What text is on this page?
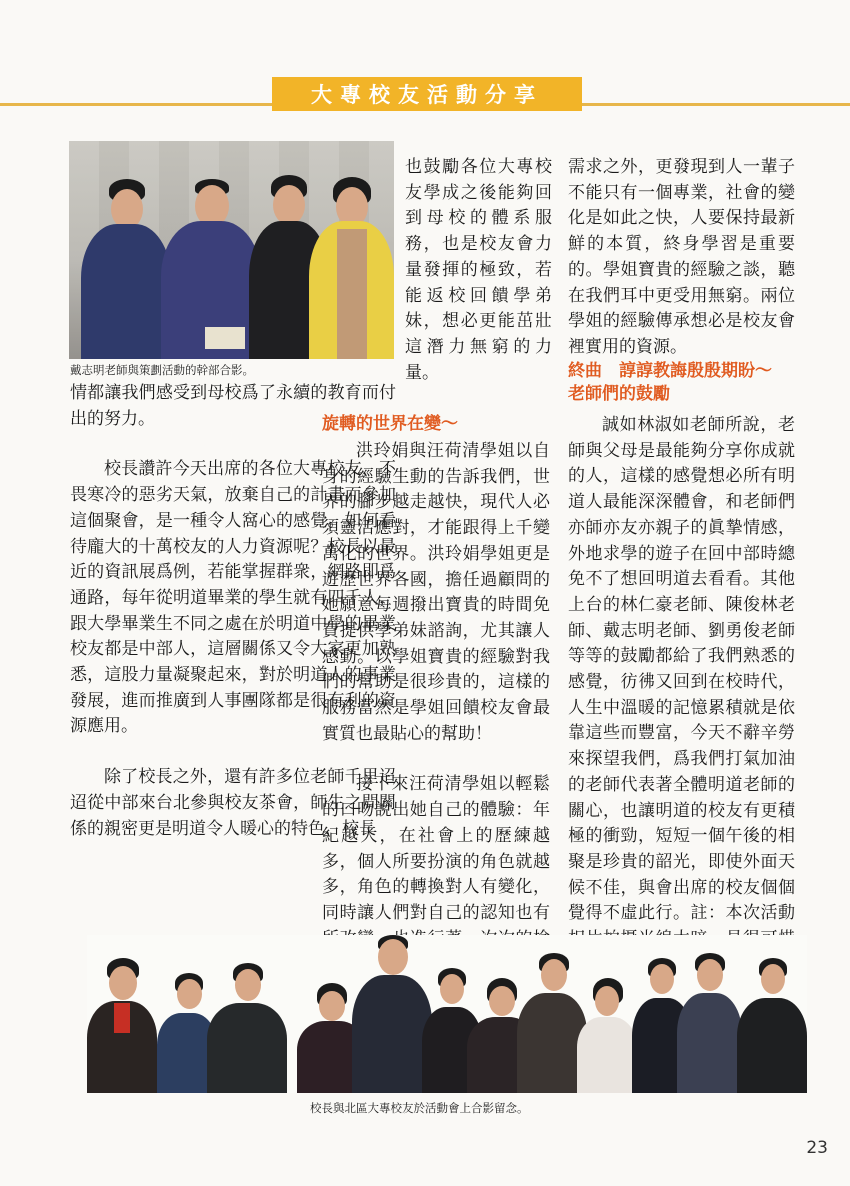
大專校友活動分享
戴志明老師與策劃活動的幹部合影。

情都讓我們感受到母校爲了永續的教育而付出的努力。

校長讚許今天出席的各位大專校友，不畏寒冷的惡劣天氣，放棄自己的計畫而參加這個聚會，是一種令人窩心的感覺。如何看待龐大的十萬校友的人力資源呢？校長以最近的資訊展爲例，若能掌握群衆，網路即爲通路，每年從明道畢業的學生就有四千人，跟大學畢業生不同之處在於明道中學的畢業校友都是中部人，這層關係又令大家更加熟悉，這股力量凝聚起來，對於明道人的事業發展，進而推廣到人事團隊都是很有利的資源應用。

除了校長之外，還有許多位老師千里迢迢從中部來台北參與校友茶會，師生之間關係的親密更是明道令人暖心的特色，校長

也鼓勵各位大專校友學成之後能夠回到母校的體系服務，也是校友會力量發揮的極致，若能返校回饋學弟妹，想必更能茁壯這潛力無窮的力量。

旋轉的世界在變～

洪玲娟與汪荷清學姐以自身的經驗生動的告訴我們，世界的腳步越走越快，現代人必須靈活應對，才能跟得上千變萬化的世界。洪玲娟學姐更是遊歷世界各國，擔任過顧問的她願意每週撥出寶貴的時間免費提供學弟妹諮詢，尤其讓人感動。以學姐寶貴的經驗對我們的幫助是很珍貴的，這樣的服務當然是學姐回饋校友會最實質也最貼心的幫助！

接下來汪荷清學姐以輕鬆的口吻說出她自己的體驗：年紀越大，在社會上的歷練越多，個人所要扮演的角色就越多，角色的轉換對人有變化，同時讓人們對自己的認知也有

需求之外，更發現到人一輩子不能只有一個專業，社會的變化是如此之快，人要保持最新鮮的本質，終身學習是重要的。學姐寶貴的經驗之談，聽在我們耳中更受用無窮。兩位學姐的經驗傳承想必是校友會裡實用的資源。

終曲　諄諄教誨殷殷期盼～
老師們的鼓勵

誠如林淑如老師所說，老師與父母是最能夠分享你成就的人，這樣的感覺想必所有明道人最能深深體會，和老師們亦師亦友亦親子的眞摯情感，外地求學的遊子在回中部時總免不了想回明道去看看。其他上台的林仁豪老師、陳俊林老師、戴志明老師、劉勇俊老師等等的鼓勵都給了我們熟悉的感覺，彷彿又回到在校時代，人生中溫暖的記憶累積就是依靠這些而豐富，今天不辭辛勞來探望我們，爲我們打氣加油的老師代表著全體明道老師的關心，也讓明道的校友有更積極的衝勁，短短一個午後的相聚是珍貴的韶光，即使外面天候不佳，與會出席的校友個個覺得不虛此行。註：本次活動

校長與北區大專校友於活動會上合影留念。
23
